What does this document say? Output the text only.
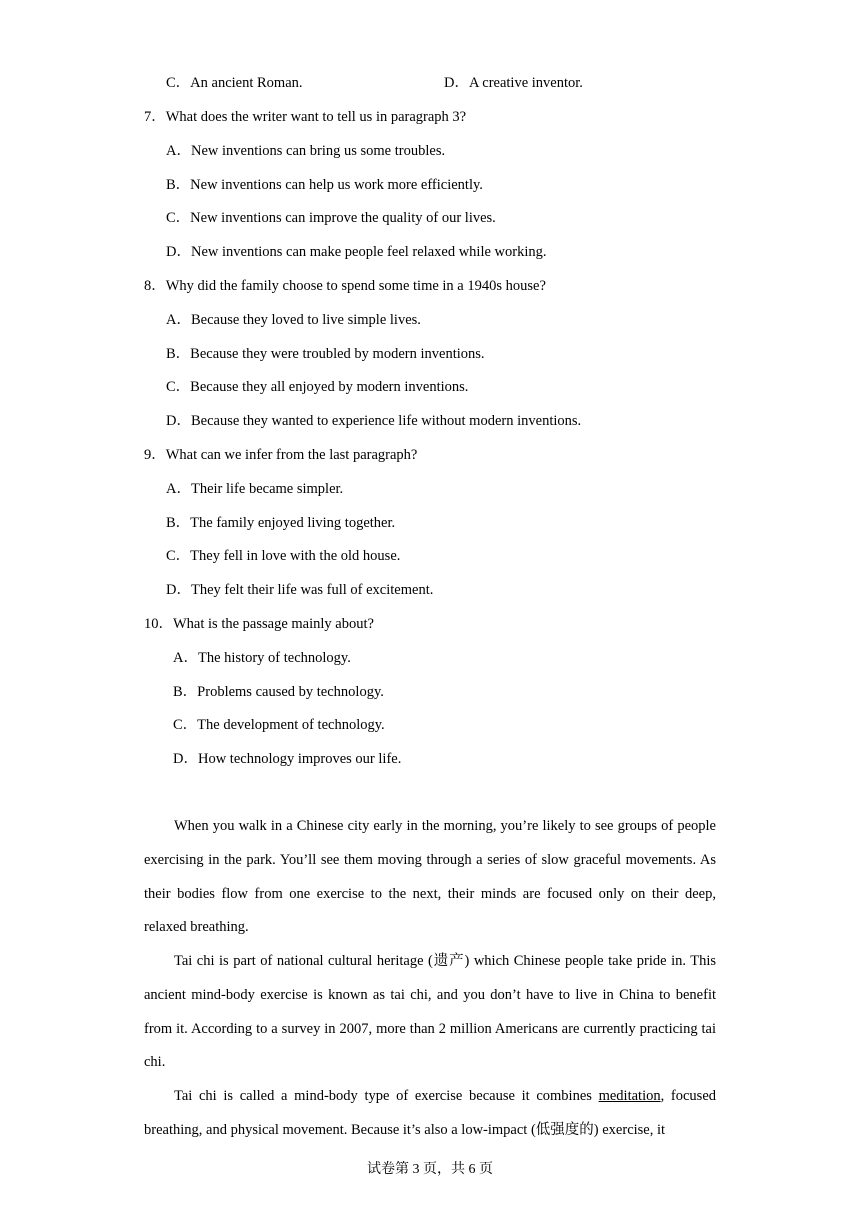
C．An ancient Roman.	D．A creative inventor.
7．What does the writer want to tell us in paragraph 3?
A．New inventions can bring us some troubles.
B．New inventions can help us work more efficiently.
C．New inventions can improve the quality of our lives.
D．New inventions can make people feel relaxed while working.
8．Why did the family choose to spend some time in a 1940s house?
A．Because they loved to live simple lives.
B．Because they were troubled by modern inventions.
C．Because they all enjoyed by modern inventions.
D．Because they wanted to experience life without modern inventions.
9．What can we infer from the last paragraph?
A．Their life became simpler.
B．The family enjoyed living together.
C．They fell in love with the old house.
D．They felt their life was full of excitement.
10．What is the passage mainly about?
A．The history of technology.
B．Problems caused by technology.
C．The development of technology.
D．How technology improves our life.
When you walk in a Chinese city early in the morning, you’re likely to see groups of people exercising in the park. You’ll see them moving through a series of slow graceful movements. As their bodies flow from one exercise to the next, their minds are focused only on their deep, relaxed breathing.
Tai chi is part of national cultural heritage (遗产) which Chinese people take pride in. This ancient mind-body exercise is known as tai chi, and you don’t have to live in China to benefit from it. According to a survey in 2007, more than 2 million Americans are currently practicing tai chi.
Tai chi is called a mind-body type of exercise because it combines meditation, focused breathing, and physical movement. Because it’s also a low-impact (低强度的) exercise, it
试卷第 3 页，共 6 页
